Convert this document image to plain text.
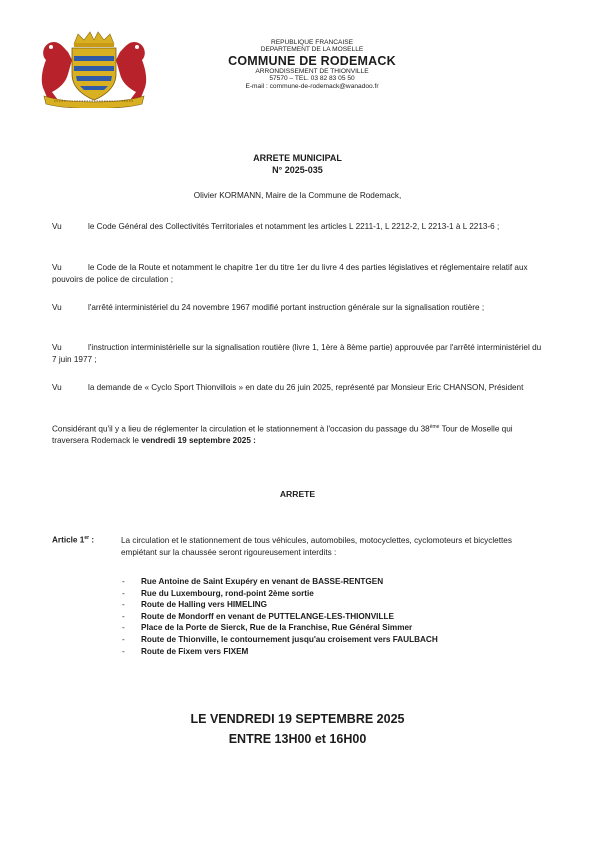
REPUBLIQUE FRANCAISE
DEPARTEMENT DE LA MOSELLE
COMMUNE DE RODEMACK
ARRONDISSEMENT DE THIONVILLE
57570 – TEL. 03 82 83 05 50
E-mail : commune-de-rodemack@wanadoo.fr
ARRETE MUNICIPAL
N° 2025-035
Olivier KORMANN, Maire de la Commune de Rodemack,
Vu	le Code Général des Collectivités Territoriales et notamment les articles L 2211-1, L 2212-2, L 2213-1 à L 2213-6 ;
Vu	le Code de la Route et notamment le chapitre 1er du titre 1er du livre 4 des parties législatives et réglementaire relatif aux pouvoirs de police de circulation ;
Vu	l'arrêté interministériel du 24 novembre 1967 modifié portant instruction générale sur la signalisation routière ;
Vu	l'instruction interministérielle sur la signalisation routière (livre 1, 1ère à 8ème partie) approuvée par l'arrêté interministériel du 7 juin 1977 ;
Vu	la demande de « Cyclo Sport Thionvillois » en date du 26 juin 2025, représenté par Monsieur Eric CHANSON, Président
Considérant qu'il y a lieu de réglementer la circulation et le stationnement à l'occasion du passage du 38ème Tour de Moselle qui traversera Rodemack le vendredi 19 septembre 2025 :
ARRETE
Article 1er :	La circulation et le stationnement de tous véhicules, automobiles, motocyclettes, cyclomoteurs et bicyclettes empiétant sur la chaussée seront rigoureusement interdits :
- Rue Antoine de Saint Exupéry en venant de BASSE-RENTGEN
- Rue du Luxembourg, rond-point 2ème sortie
- Route de Halling vers HIMELING
- Route de Mondorff en venant de PUTTELANGE-LES-THIONVILLE
- Place de la Porte de Sierck, Rue de la Franchise, Rue Général Simmer
- Route de Thionville, le contournement jusqu'au croisement vers FAULBACH
- Route de Fixem vers FIXEM
LE VENDREDI 19 SEPTEMBRE 2025
ENTRE 13H00 et 16H00
